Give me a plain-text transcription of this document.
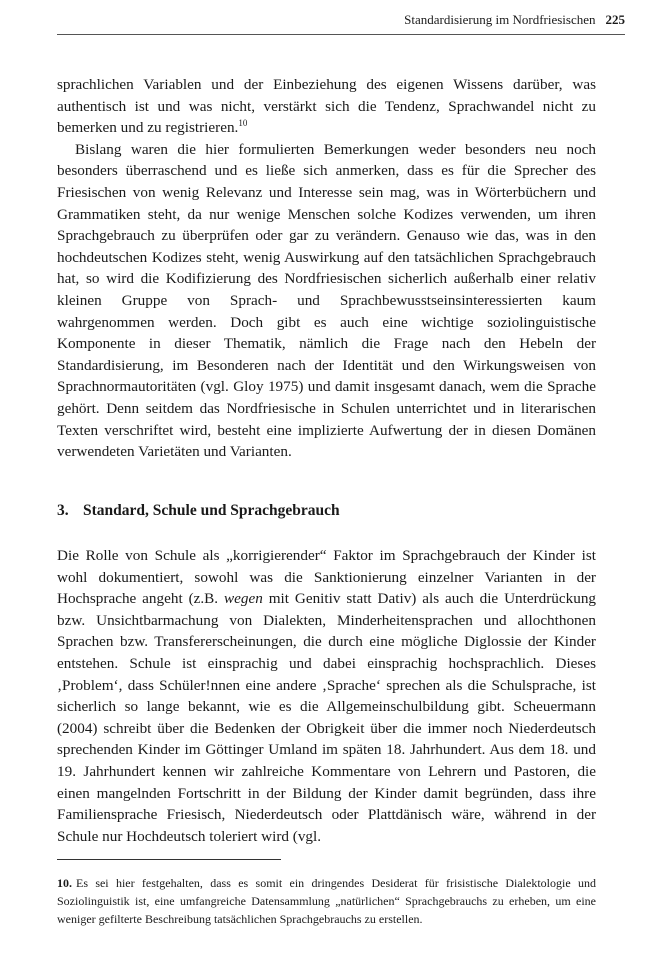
Standardisierung im Nordfriesischen 225

sprachlichen Variablen und der Einbeziehung des eigenen Wissens darüber, was authentisch ist und was nicht, verstärkt sich die Tendenz, Sprachwandel nicht zu bemerken und zu registrieren.$^{10}$

Bislang waren die hier formulierten Bemerkungen weder besonders neu noch besonders überraschend und es ließe sich anmerken, dass es für die Sprecher des Friesischen von wenig Relevanz und Interesse sein mag, was in Wörterbüchern und Grammatiken steht, da nur wenige Menschen solche Kodizes verwenden, um ihren Sprachgebrauch zu überprüfen oder gar zu verändern. Genauso wie das, was in den hochdeutschen Kodizes steht, wenig Auswirkung auf den tatsächlichen Sprachgebrauch hat, so wird die Kodifizierung des Nordfriesischen sicherlich außerhalb einer relativ kleinen Gruppe von Sprach- und Sprachbewusstseinsinteressierten kaum wahrgenommen werden. Doch gibt es auch eine wichtige soziolinguistische Komponente in dieser Thematik, nämlich die Frage nach den Hebeln der Standardisierung, im Besonderen nach der Identität und den Wirkungsweisen von Sprachnormautoritäten (vgl. Gloy 1975) und damit insgesamt danach, wem die Sprache gehört. Denn seitdem das Nordfriesische in Schulen unterrichtet und in literarischen Texten verschriftet wird, besteht eine implizierte Aufwertung der in diesen Domänen verwendeten Varietäten und Varianten.

3. Standard, Schule und Sprachgebrauch

Die Rolle von Schule als „korrigierender“ Faktor im Sprachgebrauch der Kinder ist wohl dokumentiert, sowohl was die Sanktionierung einzelner Varianten in der Hochsprache angeht (z.B. wegen mit Genitiv statt Dativ) als auch die Unterdrückung bzw. Unsichtbarmachung von Dialekten, Minderheitensprachen und allochthonen Sprachen bzw. Transfererscheinungen, die durch eine mögliche Diglossie der Kinder entstehen. Schule ist einsprachig und dabei einsprachig hochsprachlich. Dieses ‚Problem‘, dass Schüler!nnen eine andere ‚Sprache‘ sprechen als die Schulsprache, ist sicherlich so lange bekannt, wie es die Allgemeinschulbildung gibt. Scheuermann (2004) schreibt über die Bedenken der Obrigkeit über die immer noch Niederdeutsch sprechenden Kinder im Göttinger Umland im späten 18. Jahrhundert. Aus dem 18. und 19. Jahrhundert kennen wir zahlreiche Kommentare von Lehrern und Pastoren, die einen mangelnden Fortschritt in der Bildung der Kinder damit begründen, dass ihre Familiensprache Friesisch, Niederdeutsch oder Plattdänisch wäre, während in der Schule nur Hochdeutsch toleriert wird (vgl.

10. Es sei hier festgehalten, dass es somit ein dringendes Desiderat für frisistische Dialektologie und Soziolinguistik ist, eine umfangreiche Datensammlung „natürlichen“ Sprachgebrauchs zu erheben, um eine weniger gefilterte Beschreibung tatsächlichen Sprachgebrauchs zu erstellen.
